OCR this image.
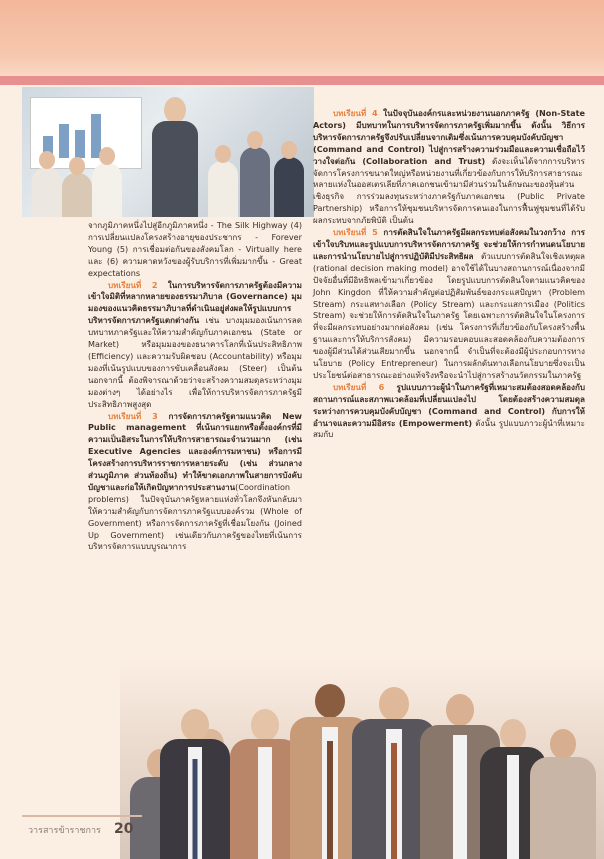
จากภูมิภาคหนึ่งไปสู่อีกภูมิภาคหนึ่ง - The Silk Highway (4) การเปลี่ยนแปลงโครงสร้างอายุของประชากร - Forever Young (5) การเชื่อมต่อกันของสังคมโลก - Virtually here และ (6) ความคาดหวังของผู้รับบริการที่เพิ่มมากขึ้น - Great expectations

บทเรียนที่ 2 ในการบริหารจัดการภาครัฐต้องมีความเข้าใจมิติที่หลากหลายของธรรมาภิบาล (Governance) มุมมองของแนวคิดธรรมาภิบาลที่ดำเนินอยู่ส่งผลให้รูปแบบการบริหารจัดการภาครัฐแตกต่างกัน เช่น บางมุมมองเน้นการลดบทบาทภาครัฐและให้ความสำคัญกับภาคเอกชน (State or Market) หรือมุมมองของธนาคารโลกที่เน้นประสิทธิภาพ (Efficiency) และความรับผิดชอบ (Accountability) หรือมุมมองที่เน้นรูปแบบของการขับเคลื่อนสังคม (Steer) เป็นต้น นอกจากนี้ ต้องพิจารณาด้วยว่าจะสร้างความสมดุลระหว่างมุมมองต่างๆ ได้อย่างไร เพื่อให้การบริหารจัดการภาครัฐมีประสิทธิภาพสูงสุด

บทเรียนที่ 3 การจัดการภาครัฐตามแนวคิด New Public management ที่เน้นการแยกหรือตั้งองค์กรที่มีความเป็นอิสระในการให้บริการสาธารณะจำนวนมาก (เช่น Executive Agencies และองค์การมหาชน) หรือการมีโครงสร้างการบริหารราชการหลายระดับ (เช่น ส่วนกลาง ส่วนภูมิภาค ส่วนท้องถิ่น) ทำให้ขาดเอกภาพในสายการบังคับบัญชาและก่อให้เกิดปัญหาการประสานงาน(Coordination problems) ในปัจจุบันภาครัฐหลายแห่งทั่วโลกจึงหันกลับมาให้ความสำคัญกับการจัดการภาครัฐแบบองค์รวม (Whole of Government) หรือการจัดการภาครัฐที่เชื่อมโยงกัน (Joined Up Government) เช่นเดียวกับภาครัฐของไทยที่เน้นการบริหารจัดการแบบบูรณาการ

บทเรียนที่ 4 ในปัจจุบันองค์กรและหน่วยงานนอกภาครัฐ (Non-State Actors) มีบทบาทในการบริหารจัดการภาครัฐเพิ่มมากขึ้น ดังนั้น วิธีการบริหารจัดการภาครัฐจึงปรับเปลี่ยนจากเดิมซึ่งเน้นการควบคุมบังคับบัญชา (Command and Control) ไปสู่การสร้างความร่วมมือและความเชื่อถือไว้วางใจต่อกัน (Collaboration and Trust) ดังจะเห็นได้จากการบริหารจัดการโครงการขนาดใหญ่หรือหน่วยงานที่เกี่ยวข้องกับการให้บริการสาธารณะหลายแห่งในออสเตรเลียที่ภาคเอกชนเข้ามามีส่วนร่วมในลักษณะของหุ้นส่วนเชิงธุรกิจ การร่วมลงทุนระหว่างภาครัฐกับภาคเอกชน (Public Private Partnership) หรือการให้ชุมชนบริหารจัดการตนเองในการฟื้นฟูชุมชนที่ได้รับผลกระทบจากภัยพิบัติ เป็นต้น

บทเรียนที่ 5 การตัดสินใจในภาครัฐมีผลกระทบต่อสังคมในวงกว้าง การเข้าใจบริบทและรูปแบบการบริหารจัดการภาครัฐ จะช่วยให้การกำหนดนโยบายและการนำนโยบายไปสู่การปฏิบัติมีประสิทธิผล ตัวแบบการตัดสินใจเชิงเหตุผล (rational decision making model) อาจใช้ได้ในบางสถานการณ์เนื่องจากมีปัจจัยอื่นที่มีอิทธิพลเข้ามาเกี่ยวข้อง โดยรูปแบบการตัดสินใจตามแนวคิดของ John Kingdon ที่ให้ความสำคัญต่อปฏิสัมพันธ์ของกระแสปัญหา (Problem Stream) กระแสทางเลือก (Policy Stream) และกระแสการเมือง (Politics Stream) จะช่วยให้การตัดสินใจในภาครัฐ โดยเฉพาะการตัดสินใจในโครงการที่จะมีผลกระทบอย่างมากต่อสังคม (เช่น โครงการที่เกี่ยวข้องกับโครงสร้างพื้นฐานและการให้บริการสังคม) มีความรอบคอบและสอดคล้องกับความต้องการของผู้มีส่วนได้ส่วนเสียมากขึ้น นอกจากนี้ จำเป็นที่จะต้องมีผู้ประกอบการทางนโยบาย (Policy Entrepreneur) ในการผลักดันทางเลือกนโยบายซึ่งจะเป็นประโยชน์ต่อสาธารณะอย่างแท้จริงหรือจะนำไปสู่การสร้างนวัตกรรมในภาครัฐ

บทเรียนที่ 6 รูปแบบภาวะผู้นำในภาครัฐที่เหมาะสมต้องสอดคล้องกับสถานการณ์และสภาพแวดล้อมที่เปลี่ยนแปลงไป โดยต้องสร้างความสมดุลระหว่างการควบคุมบังคับบัญชา (Command and Control) กับการให้อำนาจและความมีอิสระ (Empowerment) ดังนั้น รูปแบบภาวะผู้นำที่เหมาะสมกับ

วารสารข้าราชการ 20
